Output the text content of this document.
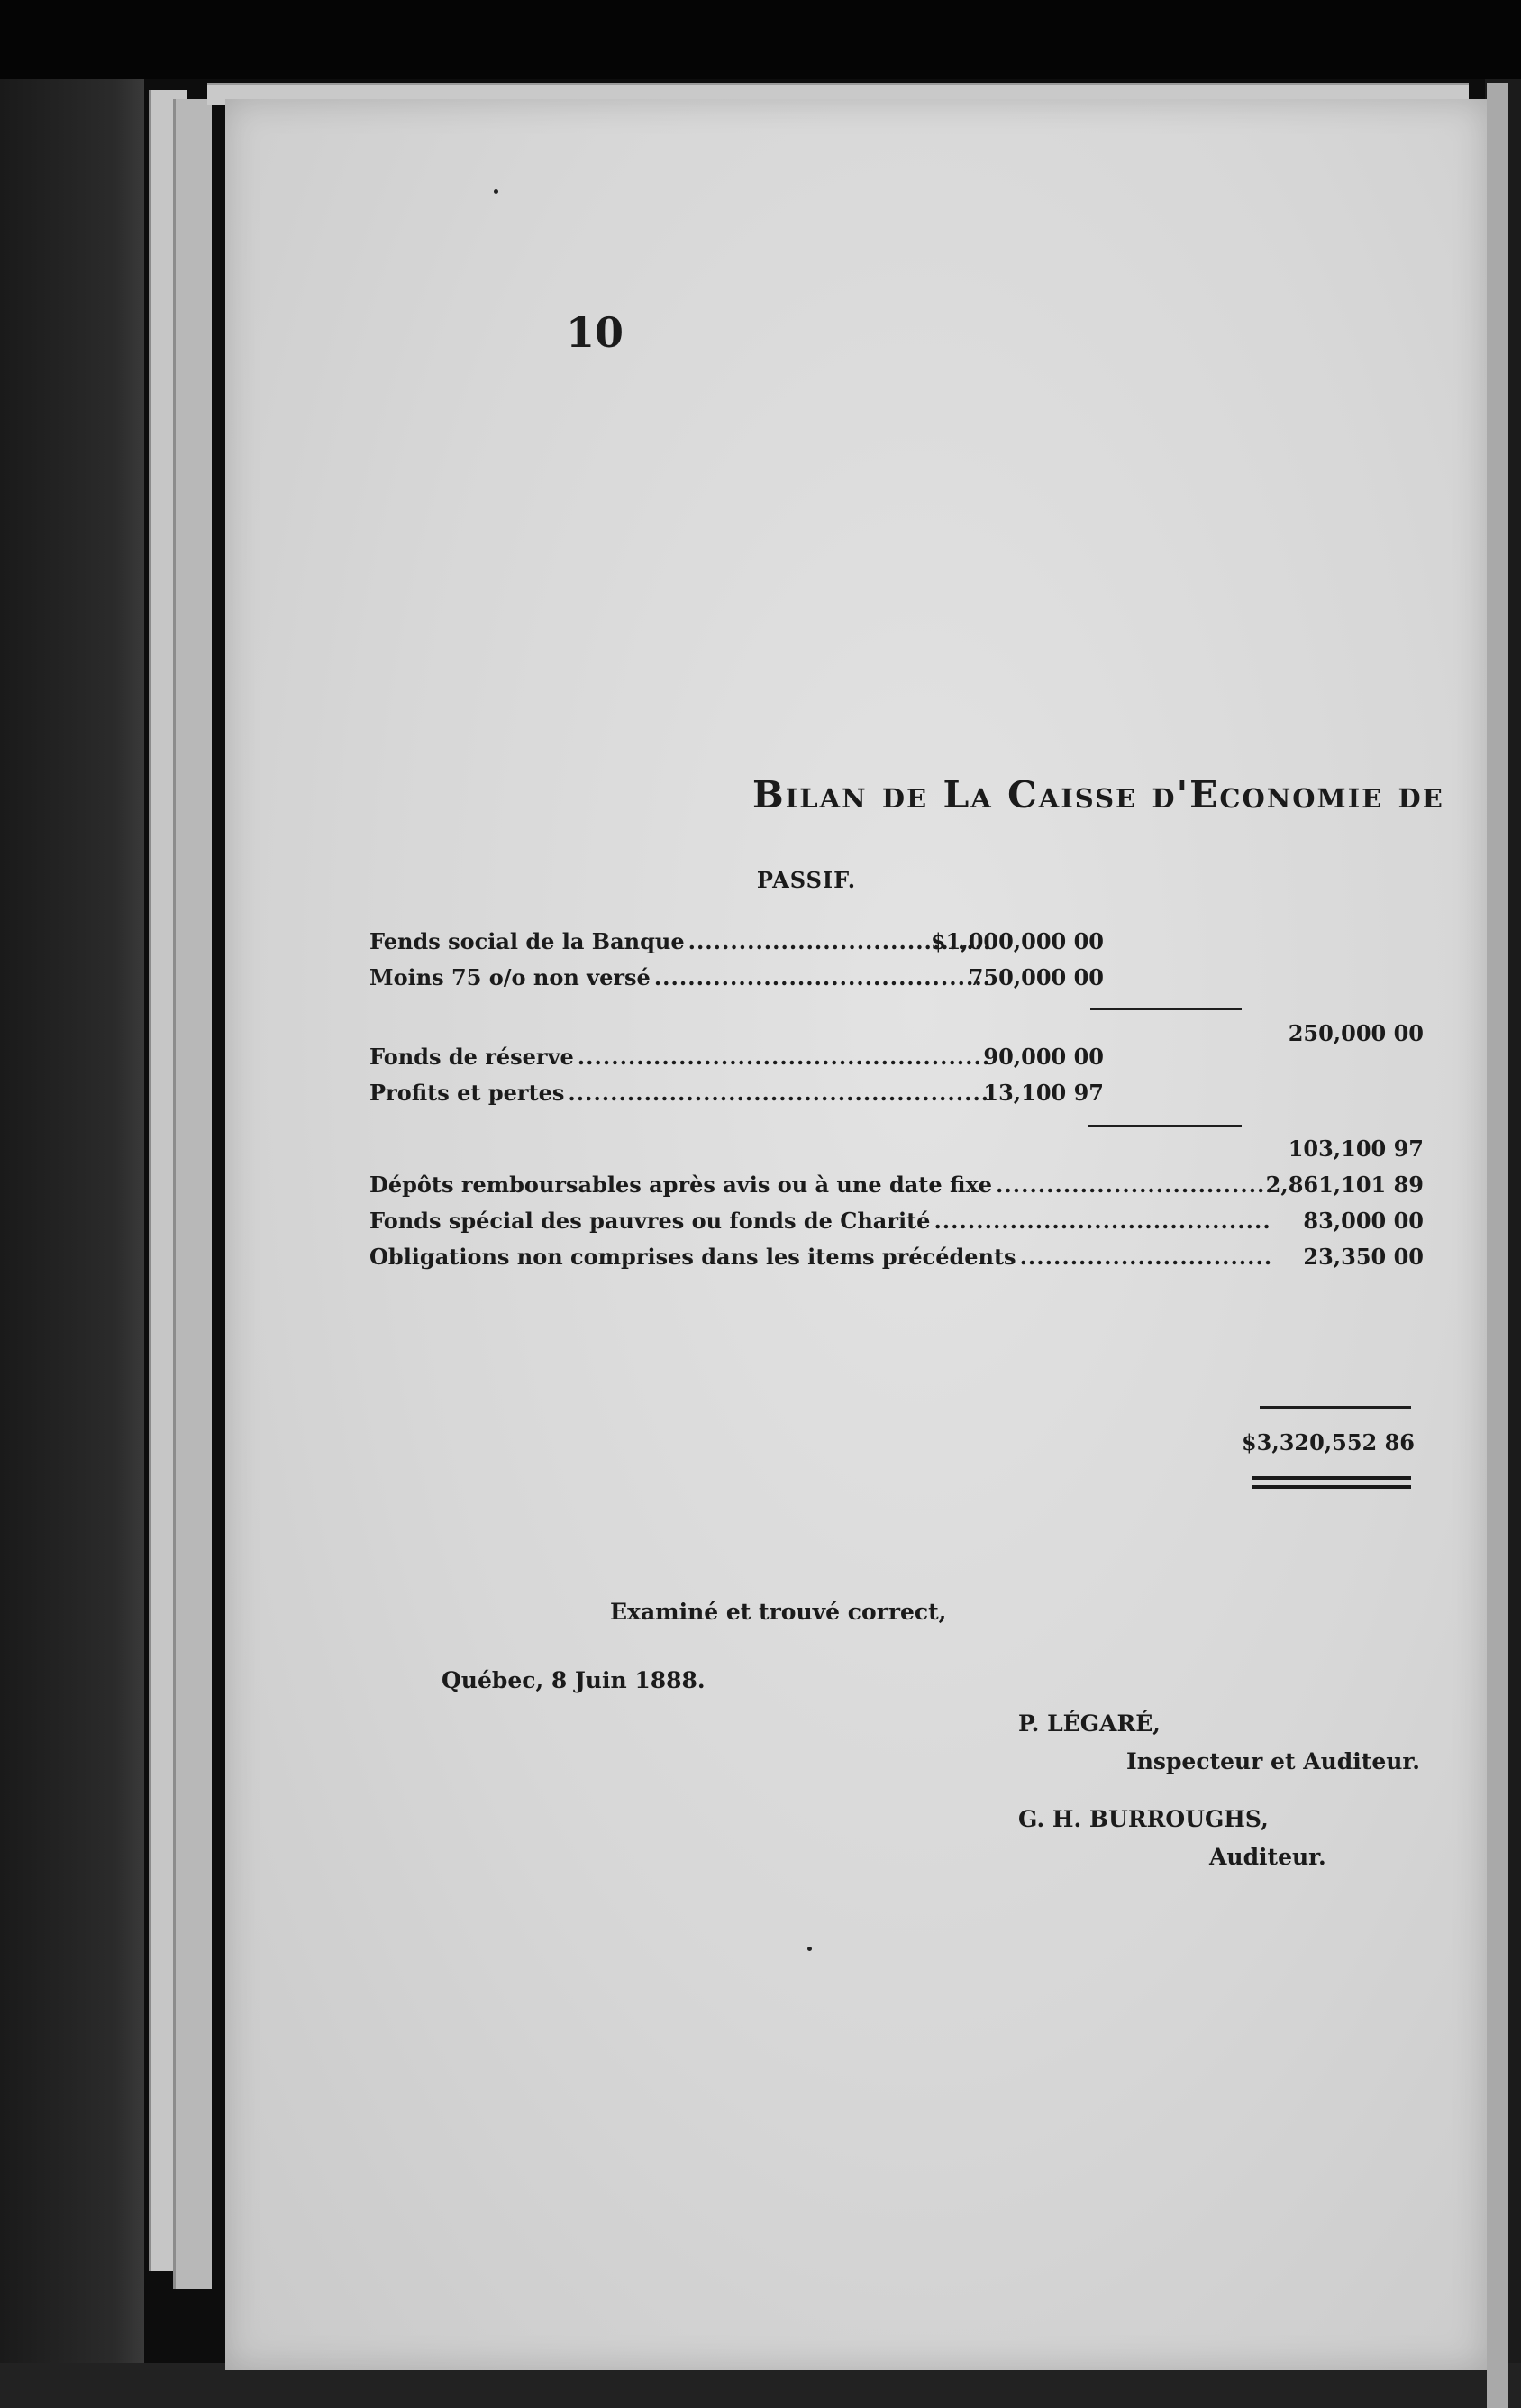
10
Bilan de La Caisse d'Economie de
PASSIF.
Fends social de la Banque .....	$1,000,000 00
Moins 75 o/o non versé .....	750,000 00
250,000 00
Fonds de réserve .....	90,000 00
Profits et pertes .....	13,100 97
103,100 97
Dépôts remboursables après avis ou à une date fixe .....	2,861,101 89
Fonds spécial des pauvres ou fonds de Charité .....	83,000 00
Obligations non comprises dans les items précédents .....	23,350 00
$3,320,552 86
Examiné et trouvé correct,
Québec, 8 Juin 1888.
P. LÉGARÉ,
Inspecteur et Auditeur.
G. H. BURROUGHS,
Auditeur.
